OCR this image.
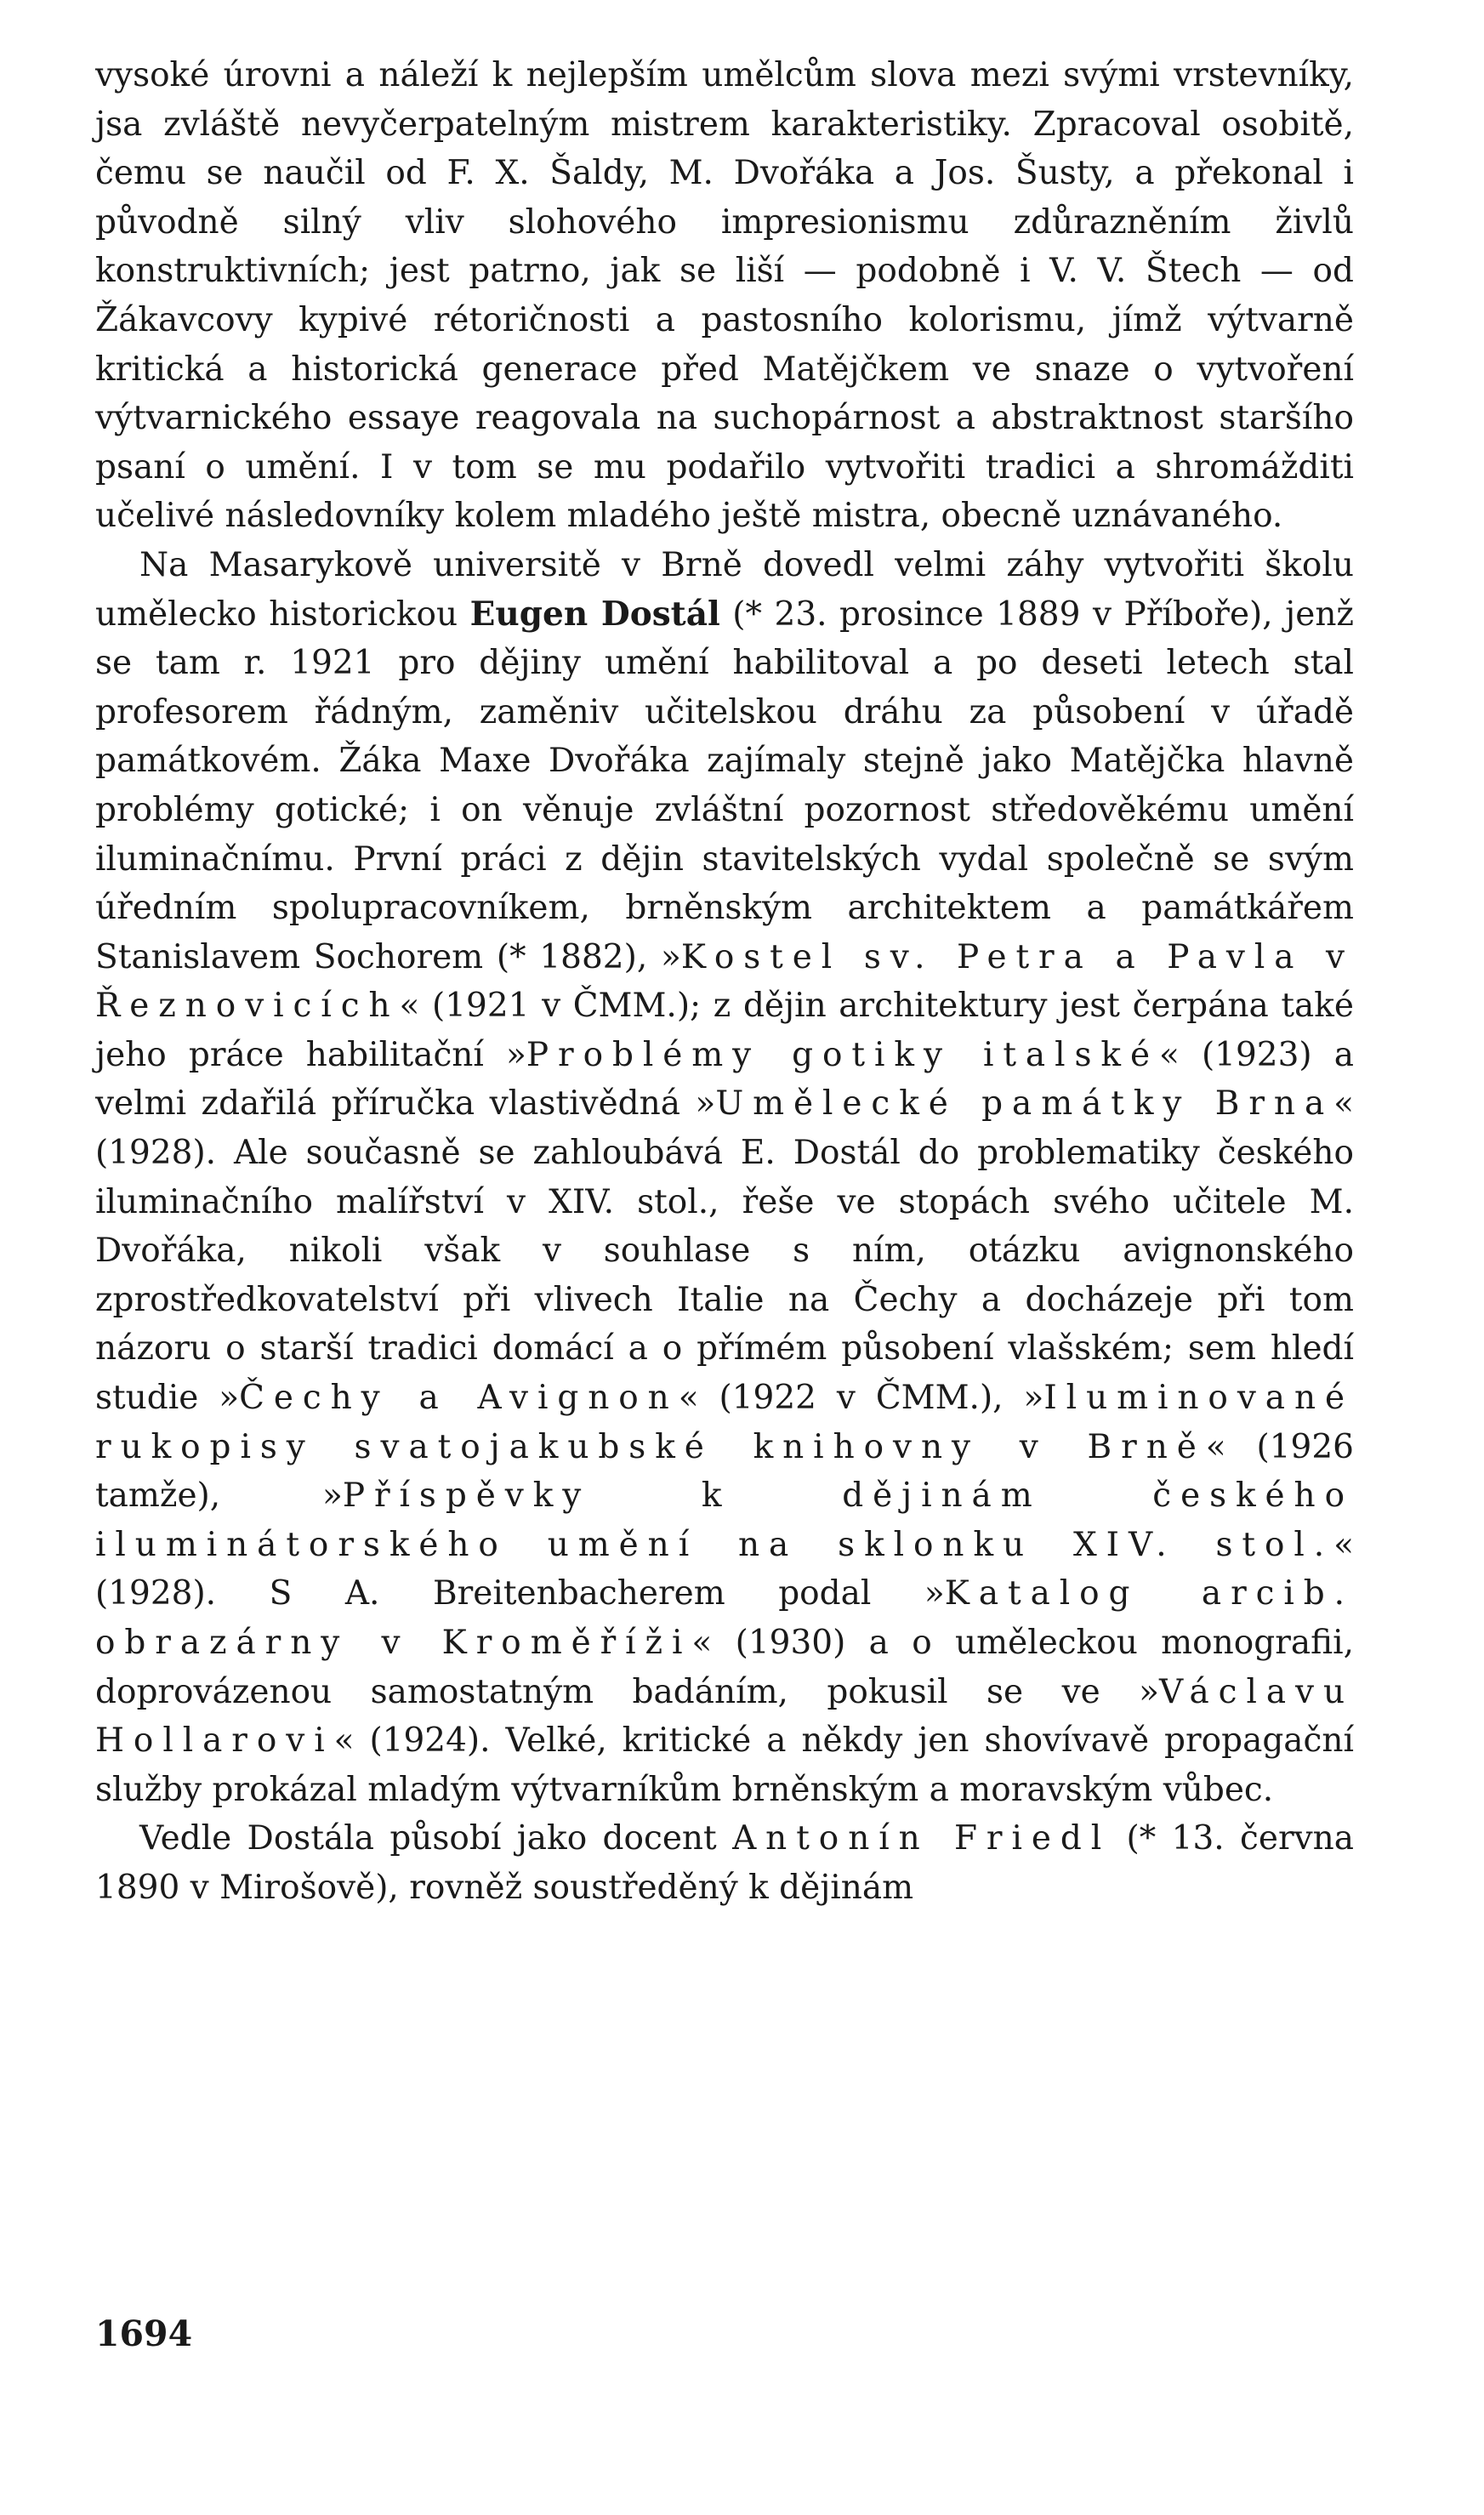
vysoké úrovni a náleží k nejlepším umělcům slova mezi svými vrstevníky, jsa zvláště nevyčerpatelným mistrem karakteristiky. Zpracoval osobitě, čemu se naučil od F. X. Šaldy, M. Dvořáka a Jos. Šusty, a překonal i původně silný vliv slohového impresionismu zdůrazněním živlů konstruktivních; jest patrno, jak se liší — podobně i V. V. Štech — od Žákavcovy kypivé rétoričnosti a pastosního kolorismu, jímž výtvarně kritická a historická generace před Matějčkem ve snaze o vytvoření výtvarnického essaye reagovala na suchopárnost a abstraktnost staršího psaní o umění. I v tom se mu podařilo vytvořiti tradici a shromážditi učelivé následovníky kolem mladého ještě mistra, obecně uznávaného.

Na Masarykově universitě v Brně dovedl velmi záhy vytvořiti školu umělecko historickou Eugen Dostál (* 23. prosince 1889 v Příboře), jenž se tam r. 1921 pro dějiny umění habilitoval a po deseti letech stal profesorem řádným, zaměniv učitelskou dráhu za působení v úřadě památkovém. Žáka Maxe Dvořáka zajímaly stejně jako Matějčka hlavně problémy gotické; i on věnuje zvláštní pozornost středověkému umění iluminačnímu. První práci z dějin stavitelských vydal společně se svým úředním spolupracovníkem, brněnským architektem a památkářem Stanislavem Sochorem (* 1882), »Kostel sv. Petra a Pavla v Řeznovicích« (1921 v ČMM.); z dějin architektury jest čerpána také jeho práce habilitační »Problémy gotiky italské« (1923) a velmi zdařilá příručka vlastivědná »Umělecké památky Brna« (1928). Ale současně se zahloubává E. Dostál do problematiky českého iluminačního malířství v XIV. stol., řeše ve stopách svého učitele M. Dvořáka, nikoli však v souhlase s ním, otázku avignonského zprostředkovatelství při vlivech Italie na Čechy a docházeje při tom názoru o starší tradici domácí a o přímém působení vlašském; sem hledí studie »Čechy a Avignon« (1922 v ČMM.), »Iluminované rukopisy svatojakubské knihovny v Brně« (1926 tamže), »Příspěvky k dějinám českého iluminátorského umění na sklonku XIV. stol.« (1928). S A. Breitenbacherem podal »Katalog arcib. obrazárny v Kroměříži« (1930) a o uměleckou monografii, doprovázenou samostatným badáním, pokusil se ve »Václavu Hollarovi« (1924). Velké, kritické a někdy jen shovívavě propagační služby prokázal mladým výtvarníkům brněnským a moravským vůbec.

Vedle Dostála působí jako docent Antonín Friedl (* 13. června 1890 v Mirošově), rovněž soustředěný k dějinám

1694
